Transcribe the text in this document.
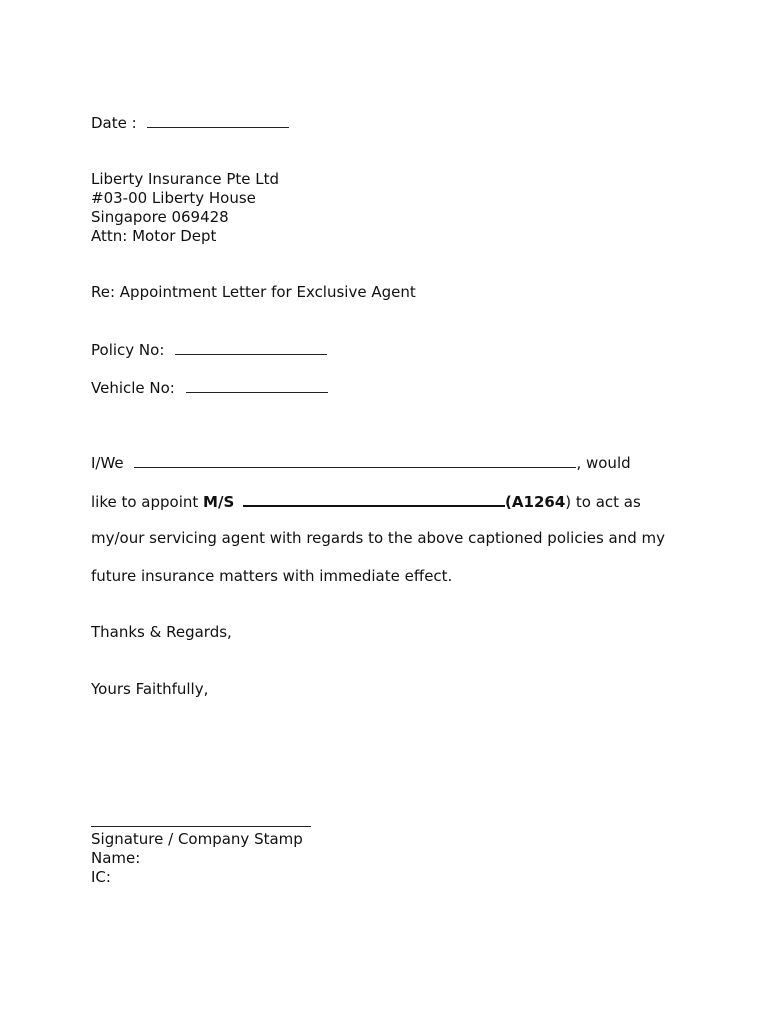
Date :
Liberty Insurance Pte Ltd
#03-00 Liberty House
Singapore 069428
Attn: Motor Dept
Re: Appointment Letter for Exclusive Agent
Policy No:
Vehicle No:
I/We	, would
like to appoint M/S	(A1264) to act as
my/our servicing agent with regards to the above captioned policies and my
future insurance matters with immediate effect.
Thanks & Regards,
Yours Faithfully,
Signature / Company Stamp
Name:
IC:
